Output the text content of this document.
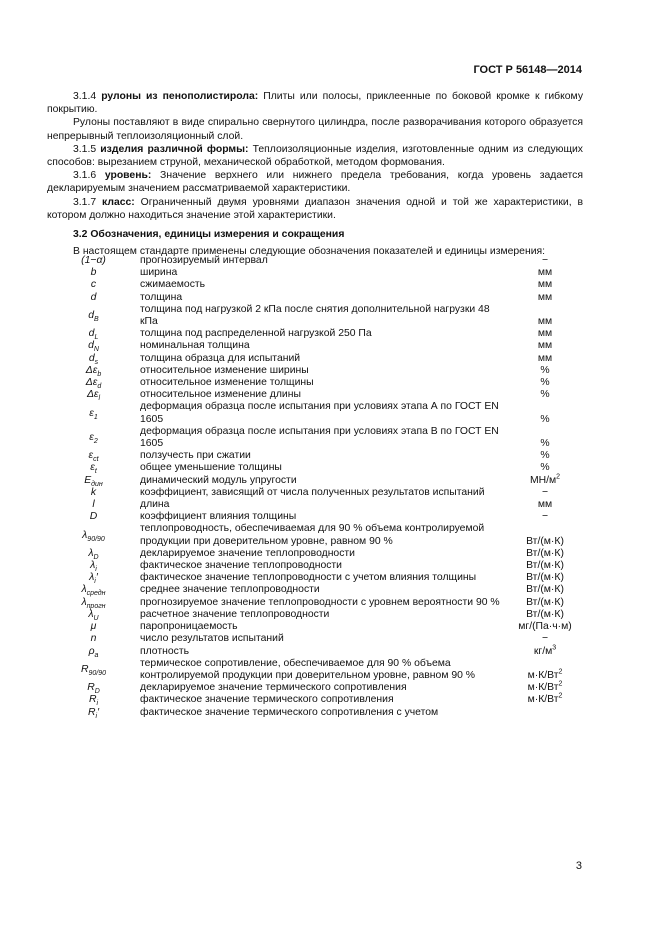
ГОСТ Р 56148—2014
3.1.4 рулоны из пенополистирола: Плиты или полосы, приклеенные по боковой кромке к гибкому покрытию.
Рулоны поставляют в виде спирально свернутого цилиндра, после разворачивания которого образуется непрерывный теплоизоляционный слой.
3.1.5 изделия различной формы: Теплоизоляционные изделия, изготовленные одним из следующих способов: вырезанием струной, механической обработкой, методом формования.
3.1.6 уровень: Значение верхнего или нижнего предела требования, когда уровень задается декларируемым значением рассматриваемой характеристики.
3.1.7 класс: Ограниченный двумя уровнями диапазон значения одной и той же характеристики, в котором должно находиться значение этой характеристики.
3.2 Обозначения, единицы измерения и сокращения
В настоящем стандарте применены следующие обозначения показателей и единицы измерения:
(1−α)	прогнозируемый интервал	−
b	ширина	мм
c	сжимаемость	мм
d	толщина	мм
$d_B$	толщина под нагрузкой 2 кПа после снятия дополнительной нагрузки 48 кПа	мм
$d_L$	толщина под распределенной нагрузкой 250 Па	мм
$d_N$	номинальная толщина	мм
$d_s$	толщина образца для испытаний	мм
$\Delta\varepsilon_b$	относительное изменение ширины	%
$\Delta\varepsilon_d$	относительное изменение толщины	%
$\Delta\varepsilon_l$	относительное изменение длины	%
$\varepsilon_1$	деформация образца после испытания при условиях этапа А по ГОСТ EN 1605	%
$\varepsilon_2$	деформация образца после испытания при условиях этапа В по ГОСТ EN 1605	%
$\varepsilon_{ct}$	ползучесть при сжатии	%
$\varepsilon_t$	общее уменьшение толщины	%
$E_{дин}$	динамический модуль упругости	$МН/м^2$
k	коэффициент, зависящий от числа полученных результатов испытаний	−
l	длина	мм
D	коэффициент влияния толщины	−
$\lambda_{90/90}$	теплопроводность, обеспечиваемая для 90 % объема контролируемой продукции при доверительном уровне, равном 90 %	Вт/(м·К)
$\lambda_D$	декларируемое значение теплопроводности	Вт/(м·К)
$\lambda_i$	фактическое значение теплопроводности	Вт/(м·К)
$\lambda_i'$	фактическое значение теплопроводности с учетом влияния толщины	Вт/(м·К)
$\lambda_{средн}$	среднее значение теплопроводности	Вт/(м·К)
$\lambda_{прогн}$	прогнозируемое значение теплопроводности с уровнем вероятности 90 %	Вт/(м·К)
$\lambda_U$	расчетное значение теплопроводности	Вт/(м·К)
μ	паропроницаемость	мг/(Па·ч·м)
n	число результатов испытаний	−
$\rho_a$	плотность	$кг/м^3$
$R_{90/90}$	термическое сопротивление, обеспечиваемое для 90 % объема контролируемой продукции при доверительном уровне, равном 90 %	$м\cdot К/Вт^2$
$R_D$	декларируемое значение термического сопротивления	$м\cdot К/Вт^2$
$R_i$	фактическое значение термического сопротивления	$м\cdot К/Вт^2$
$R_i'$	фактическое значение термического сопротивления с учетом	
3
